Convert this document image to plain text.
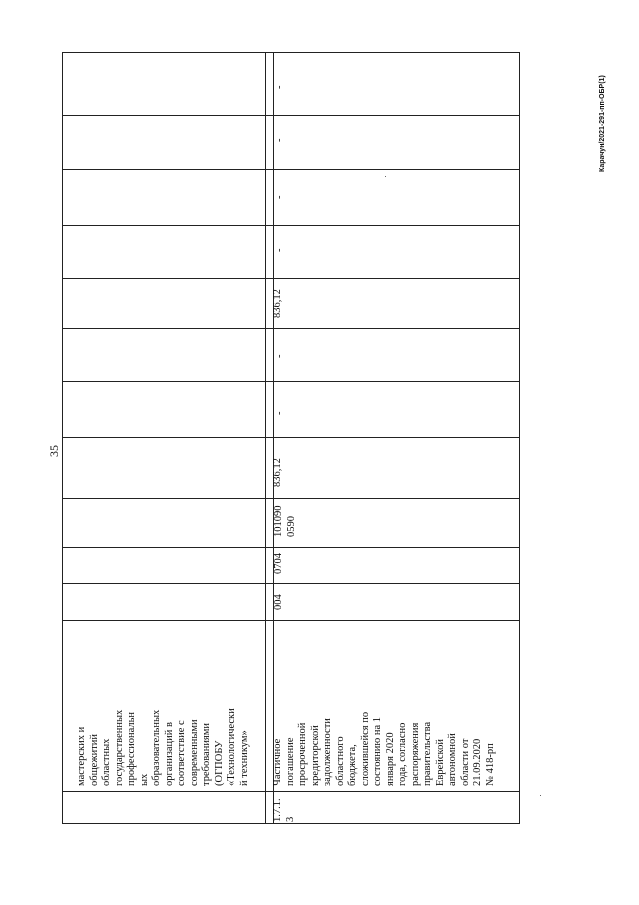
35
Карачун/2021-291-пп-ОБР(1)
мастерских и
общежитий
областных
государственных
профессиональн
ых
образовательных
организаций в
соответствие с
современными
требованиями
(ОГПОБУ
«Технологически
й техникум»
1.7.1.
3
Частичное
погашение
просроченной
кредиторской
задолженности
областного
бюджета,
сложившейся по
состоянию на 1
января 2020
года, согласно
распоряжения
правительства
Еврейской
автономной
области от
21.09.2020
№ 418-рп
004
0704
101090
0590
836,12
-
-
836,12
-
-
-
-
